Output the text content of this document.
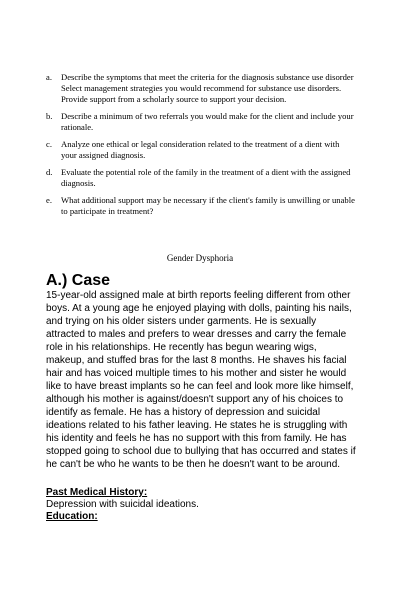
a. Describe the symptoms that meet the criteria for the diagnosis substance use disorder Select management strategies you would recommend for substance use disorders. Provide support from a scholarly source to support your decision.
b. Describe a minimum of two referrals you would make for the client and include your rationale.
c. Analyze one ethical or legal consideration related to the treatment of a dient with your assigned diagnosis.
d. Evaluate the potential role of the family in the treatment of a dient with the assigned diagnosis.
e. What additional support may be necessary if the client's family is unwilling or unable to participate in treatment?
Gender Dysphoria
A.) Case

15-year-old assigned male at birth reports feeling different from other boys. At a young age he enjoyed playing with dolls, painting his nails, and trying on his older sisters under garments. He is sexually attracted to males and prefers to wear dresses and carry the female role in his relationships. He recently has begun wearing wigs, makeup, and stuffed bras for the last 8 months. He shaves his facial hair and has voiced multiple times to his mother and sister he would like to have breast implants so he can feel and look more like himself, although his mother is against/doesn't support any of his choices to identify as female. He has a history of depression and suicidal ideations related to his father leaving. He states he is struggling with his identity and feels he has no support with this from family. He has stopped going to school due to bullying that has occurred and states if he can't be who he wants to be then he doesn't want to be around.

Past Medical History:
Depression with suicidal ideations.
Education:
